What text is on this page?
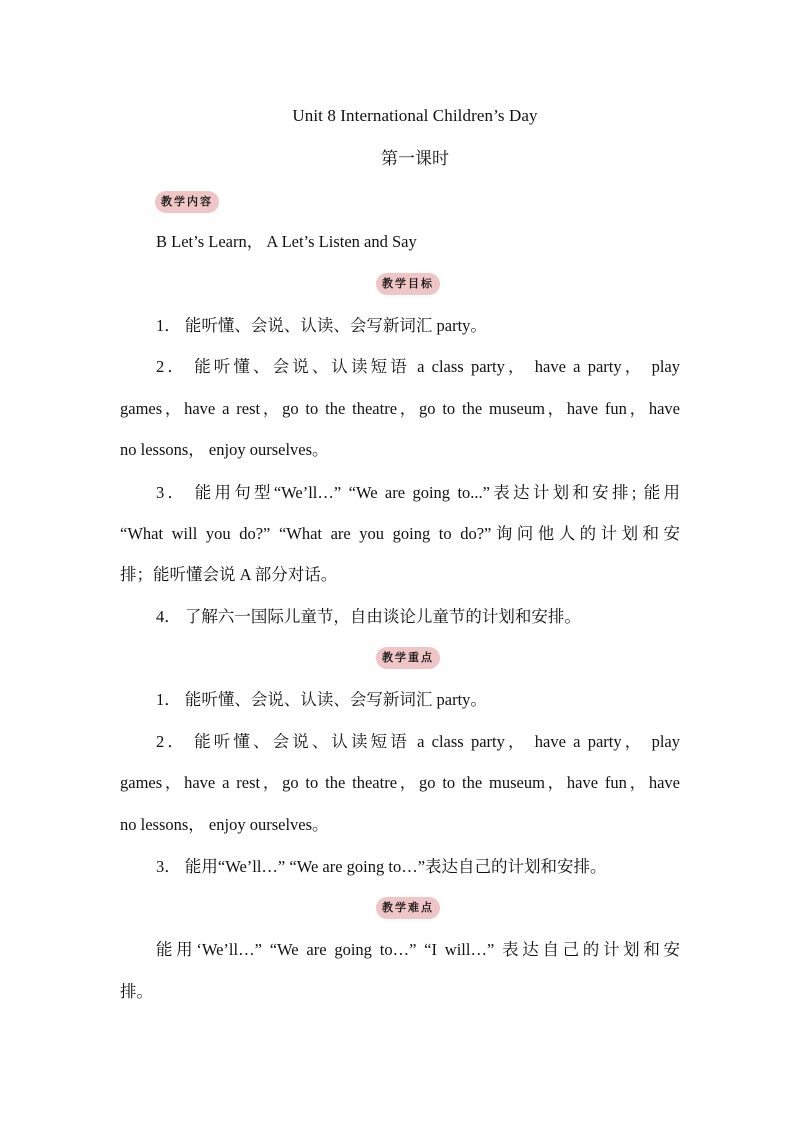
Unit 8 International Children’s Day
第一课时
教学内容
B Let’s Learn， A Let’s Listen and Say
教学目标
1． 能听懂、会说、认读、会写新词汇 party。
2． 能听懂、会说、认读短语 a class party， have a party， play
games，have a rest，go to the theatre，go to the museum，have fun，have
no lessons， enjoy ourselves。
3． 能用句型“We’ll…” “We are going to...”表达计划和安排; 能用
“What will you do?” “What are you going to do?”询问他人的计划和安
排；能听懂会说 A 部分对话。
4． 了解六一国际儿童节，自由谈论儿童节的计划和安排。
教学重点
1． 能听懂、会说、认读、会写新词汇 party。
2． 能听懂、会说、认读短语 a class party， have a party， play
games，have a rest，go to the theatre，go to the museum，have fun，have
no lessons， enjoy ourselves。
3． 能用“We’ll…” “We are going to…”表达自己的计划和安排。
教学难点
能用‘We’ll…” “We are going to…” “I will…” 表达自己的计划和安
排。
